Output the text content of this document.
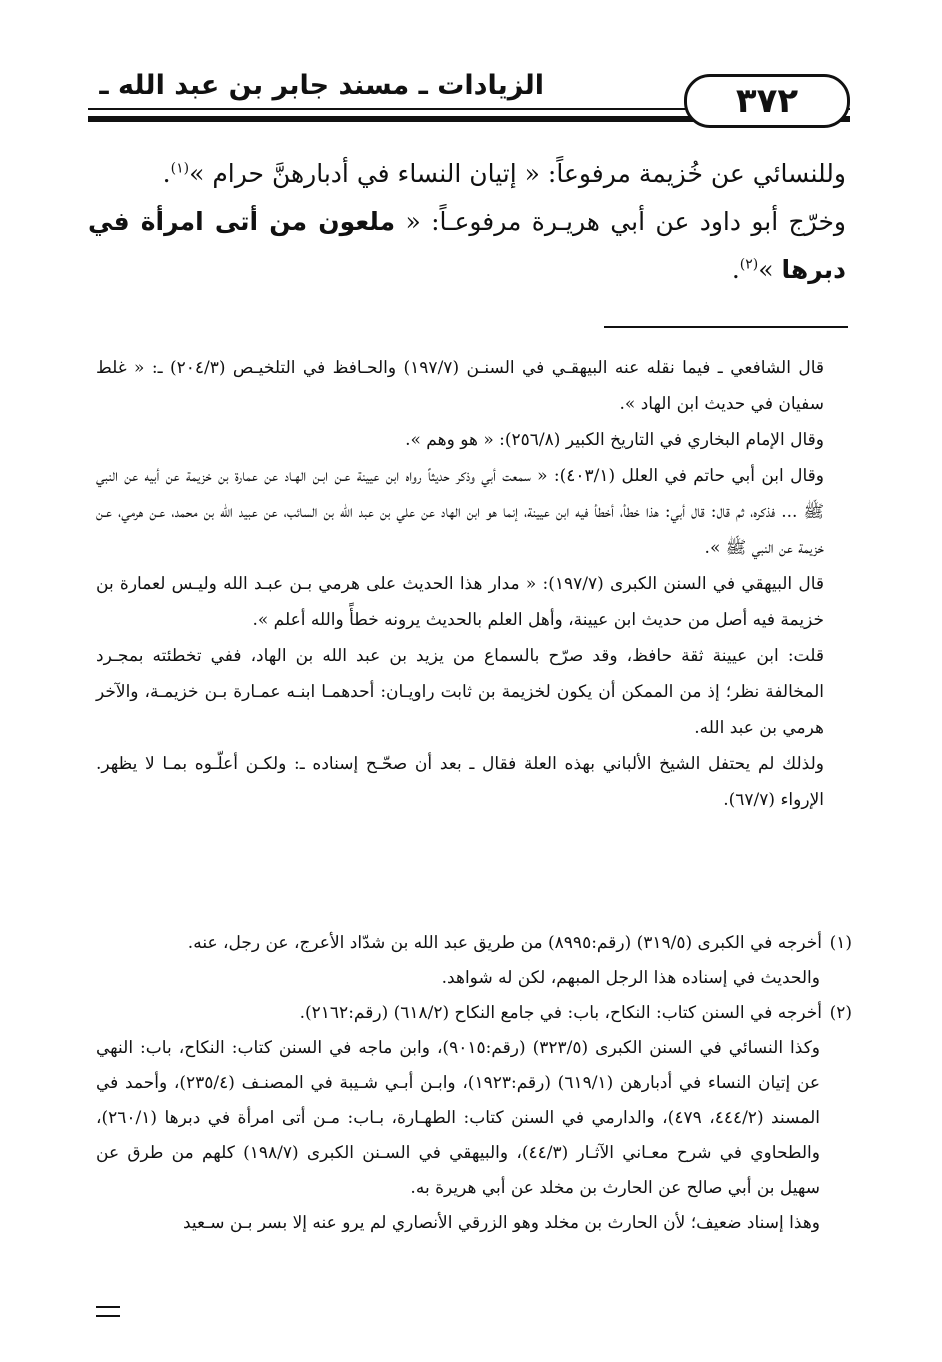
الزيادات ـ مسند جابر بن عبد الله ـ	٣٧٢

وللنسائي عن خُزيمة مرفوعاً: « إتيان النساء في أدبارهنَّ حرام »$^{(١)}$.

وخرّج أبو داود عن أبي هريـرة مرفوعـاً: « ملعون من أتى امرأة في دبرها »$^{(٢)}$.

قال الشافعي ـ فيما نقله عنه البيهقـي في السنـن (١٩٧/٧) والحـافظ في التلخيـص (٢٠٤/٣) ـ: « غلط سفيان في حديث ابن الهاد ».

وقال الإمام البخاري في التاريخ الكبير (٢٥٦/٨): « هو وهم ».

وقال ابن أبي حاتم في العلل (٤٠٣/١): « سمعت أبي وذكر حديثاً رواه ابن عيينة عـن ابـن الهـاد عن عمارة بن خزيمة عن أبيه عن النبي ﷺ ... فذكره، ثم قال: قال أبي: هذا خطأ، أخطأ فيه ابن عيينة، إنما هو ابن الهاد عن علي بن عبد الله بن السائب، عن عبيد الله بن محمد، عـن هرمي، عـن خزيمة عن النبي ﷺ ».

قال البيهقي في السنن الكبرى (١٩٧/٧): « مدار هذا الحديث على هرمي بـن عبـد الله وليـس لعمارة بن خزيمة فيه أصل من حديث ابن عيينة، وأهل العلم بالحديث يرونه خطأً والله أعلم ».

قلت: ابن عيينة ثقة حافظ، وقد صرّح بالسماع من يزيد بن عبد الله بن الهاد، ففي تخطئته بمجـرد المخالفة نظر؛ إذ من الممكن أن يكون لخزيمة بن ثابت راويـان: أحدهمـا ابنـه عمـارة بـن خزيمـة، والآخر هرمي بن عبد الله.

ولذلك لم يحتفل الشيخ الألباني بهذه العلة فقال ـ بعد أن صحّـح إسناده ـ: ولكـن أعلّـوه بمـا لا يظهر. الإرواء (٦٧/٧).

(١)أخرجه في الكبرى (٣١٩/٥) (رقم:٨٩٩٥) من طريق عبد الله بن شدّاد الأعرج، عن رجل، عنه.

والحديث في إسناده هذا الرجل المبهم، لكن له شواهد.

(٢)أخرجه في السنن كتاب: النكاح، باب: في جامع النكاح (٦١٨/٢) (رقم:٢١٦٢).

وكذا النسائي في السنن الكبرى (٣٢٣/٥) (رقم:٩٠١٥)، وابن ماجه في السنن كتاب: النكاح، باب: النهي عن إتيان النساء في أدبارهن (٦١٩/١) (رقم:١٩٢٣)، وابـن أبـي شـيبة في المصنـف (٢٣٥/٤)، وأحمد في المسند (٤٤٤/٢، ٤٧٩)، والدارمي في السنن كتاب: الطهـارة، بـاب: مـن أتى امرأة في دبرها (٢٦٠/١)، والطحاوي في شرح معـاني الآثـار (٤٤/٣)، والبيهقي في السـنن الكبرى (١٩٨/٧) كلهم من طرق عن سهيل بن أبي صالح عن الحارث بن مخلد عن أبي هريرة به.

وهذا إسناد ضعيف؛ لأن الحارث بن مخلد وهو الزرقي الأنصاري لم يرو عنه إلا بسر بـن سـعيد
